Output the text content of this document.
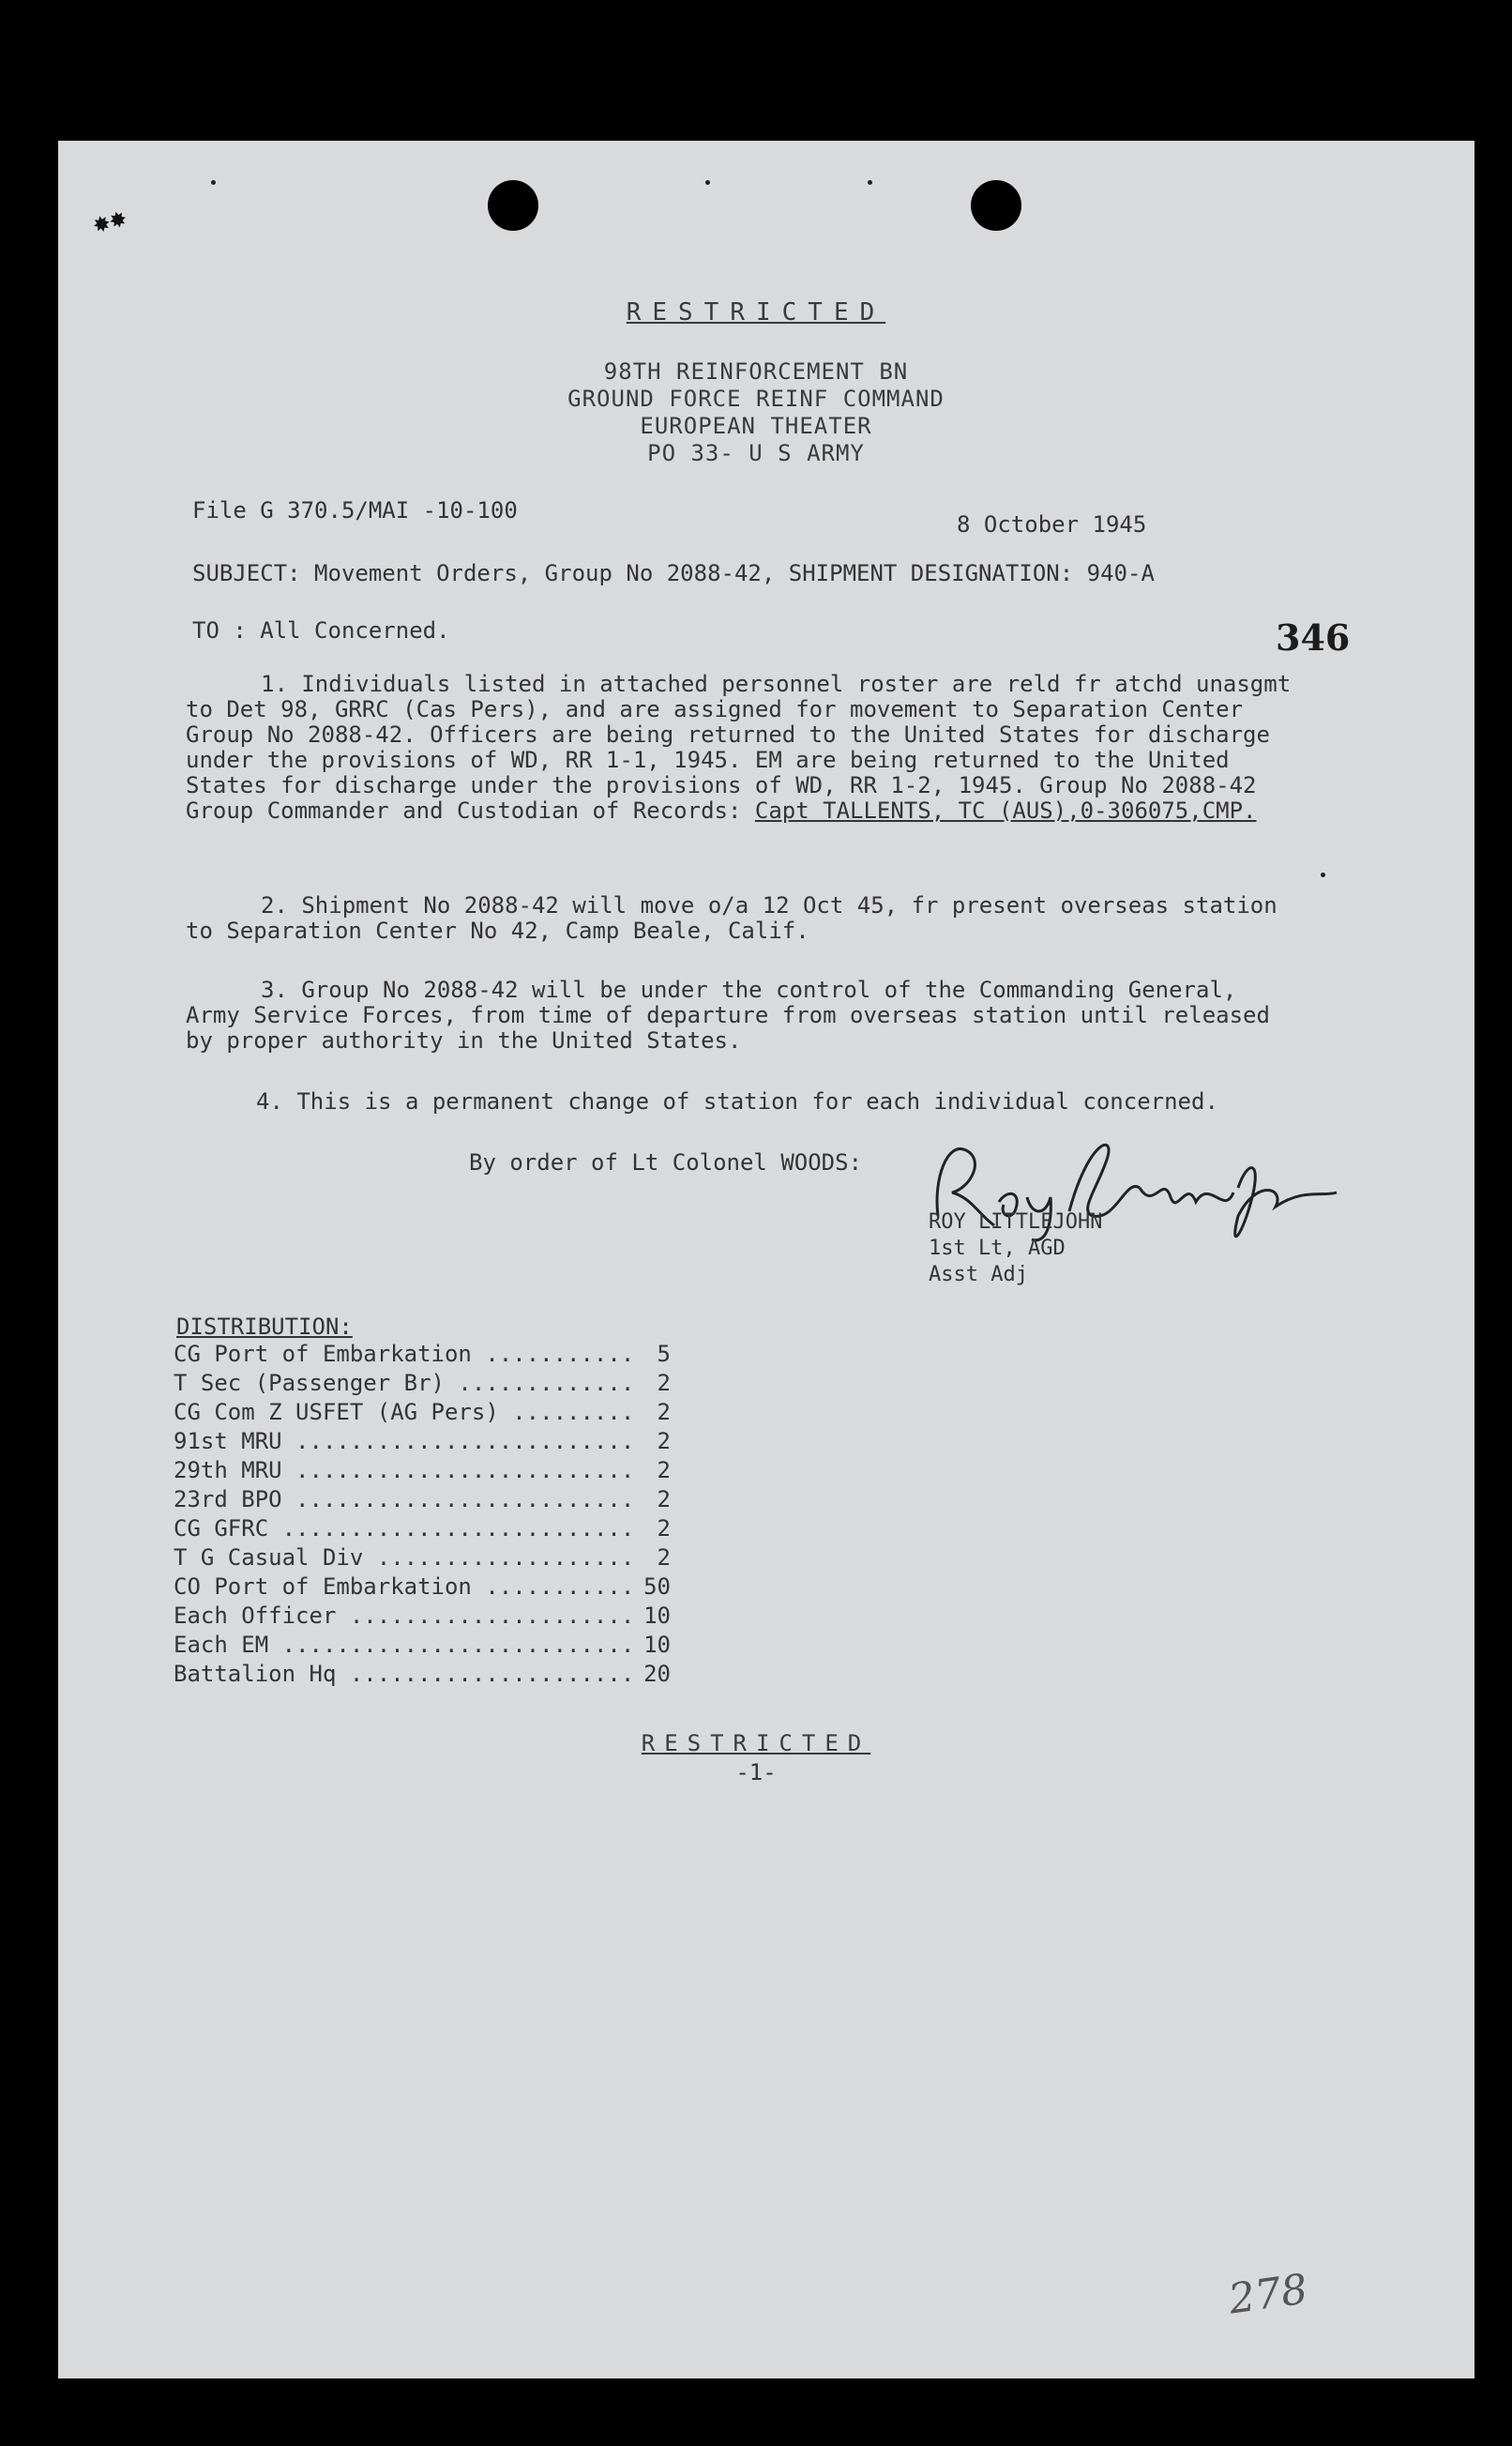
✸✸
RESTRICTED
98TH REINFORCEMENT BN
GROUND FORCE REINF COMMAND
EUROPEAN THEATER
PO 33- U S ARMY
File G 370.5/MAI -10-100
8 October 1945
SUBJECT: Movement Orders, Group No 2088-42, SHIPMENT DESIGNATION: 940-A
TO : All Concerned.	346
1. Individuals listed in attached personnel roster are reld fr atchd unasgmt
to Det 98, GRRC (Cas Pers), and are assigned for movement to Separation Center
Group No 2088-42. Officers are being returned to the United States for discharge
under the provisions of WD, RR 1-1, 1945. EM are being returned to the United
States for discharge under the provisions of WD, RR 1-2, 1945. Group No 2088-42
Group Commander and Custodian of Records: Capt TALLENTS, TC (AUS),0-306075,CMP.
2. Shipment No 2088-42 will move o/a 12 Oct 45, fr present overseas station
to Separation Center No 42, Camp Beale, Calif.
3. Group No 2088-42 will be under the control of the Commanding General,
Army Service Forces, from time of departure from overseas station until released
by proper authority in the United States.
4. This is a permanent change of station for each individual concerned.
By order of Lt Colonel WOODS:
ROY LITTLEJOHN
1st Lt, AGD
Asst Adj
DISTRIBUTION:
CG Port of Embarkation .....	5
T Sec (Passenger Br) .....	2
CG Com Z USFET (AG Pers) .....	2
91st MRU .....	2
29th MRU .....	2
23rd BPO .....	2
CG GFRC .....	2
T G Casual Div .....	2
CO Port of Embarkation .....	50
Each Officer .....	10
Each EM .....	10
Battalion Hq .....	20
RESTRICTED
-1-
278
